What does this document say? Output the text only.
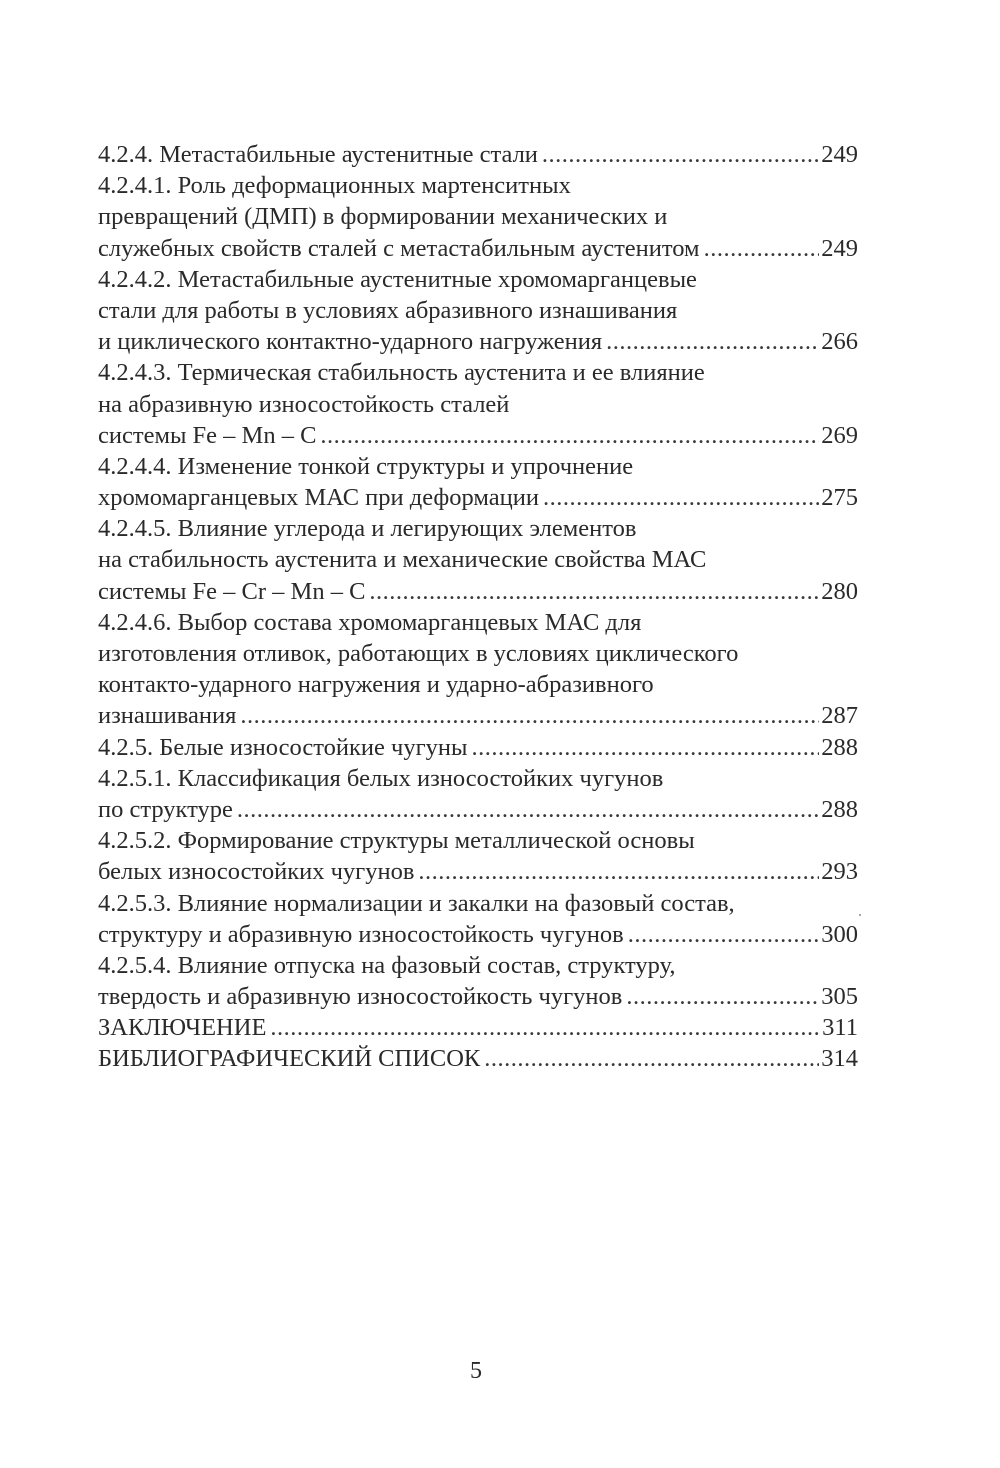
4.2.4. Метастабильные аустенитные стали .....	249
4.2.4.1. Роль деформационных мартенситных
превращений (ДМП) в формировании механических и
служебных свойств сталей с метастабильным аустенитом .....	249
4.2.4.2. Метастабильные аустенитные хромомарганцевые
стали для работы в условиях абразивного изнашивания
и циклического контактно-ударного нагружения .....	266
4.2.4.3. Термическая стабильность аустенита и ее влияние
на абразивную износостойкость сталей
системы Fe – Mn – C .....	269
4.2.4.4. Изменение тонкой структуры и упрочнение
хромомарганцевых МАС при деформации .....	275
4.2.4.5. Влияние углерода и легирующих элементов
на стабильность аустенита и механические свойства МАС
системы Fe – Cr – Mn – C .....	280
4.2.4.6. Выбор состава хромомарганцевых МАС для
изготовления отливок, работающих в условиях циклического
контакто-ударного нагружения и ударно-абразивного
изнашивания .....	287
4.2.5. Белые износостойкие чугуны .....	288
4.2.5.1. Классификация белых износостойких чугунов
по структуре .....	288
4.2.5.2. Формирование структуры металлической основы
белых износостойких чугунов .....	293
4.2.5.3. Влияние нормализации и закалки на фазовый состав,
структуру и абразивную износостойкость чугунов .....	300
4.2.5.4. Влияние отпуска на фазовый состав, структуру,
твердость и абразивную износостойкость чугунов .....	305
ЗАКЛЮЧЕНИЕ .....	311
БИБЛИОГРАФИЧЕСКИЙ СПИСОК .....	314
5
